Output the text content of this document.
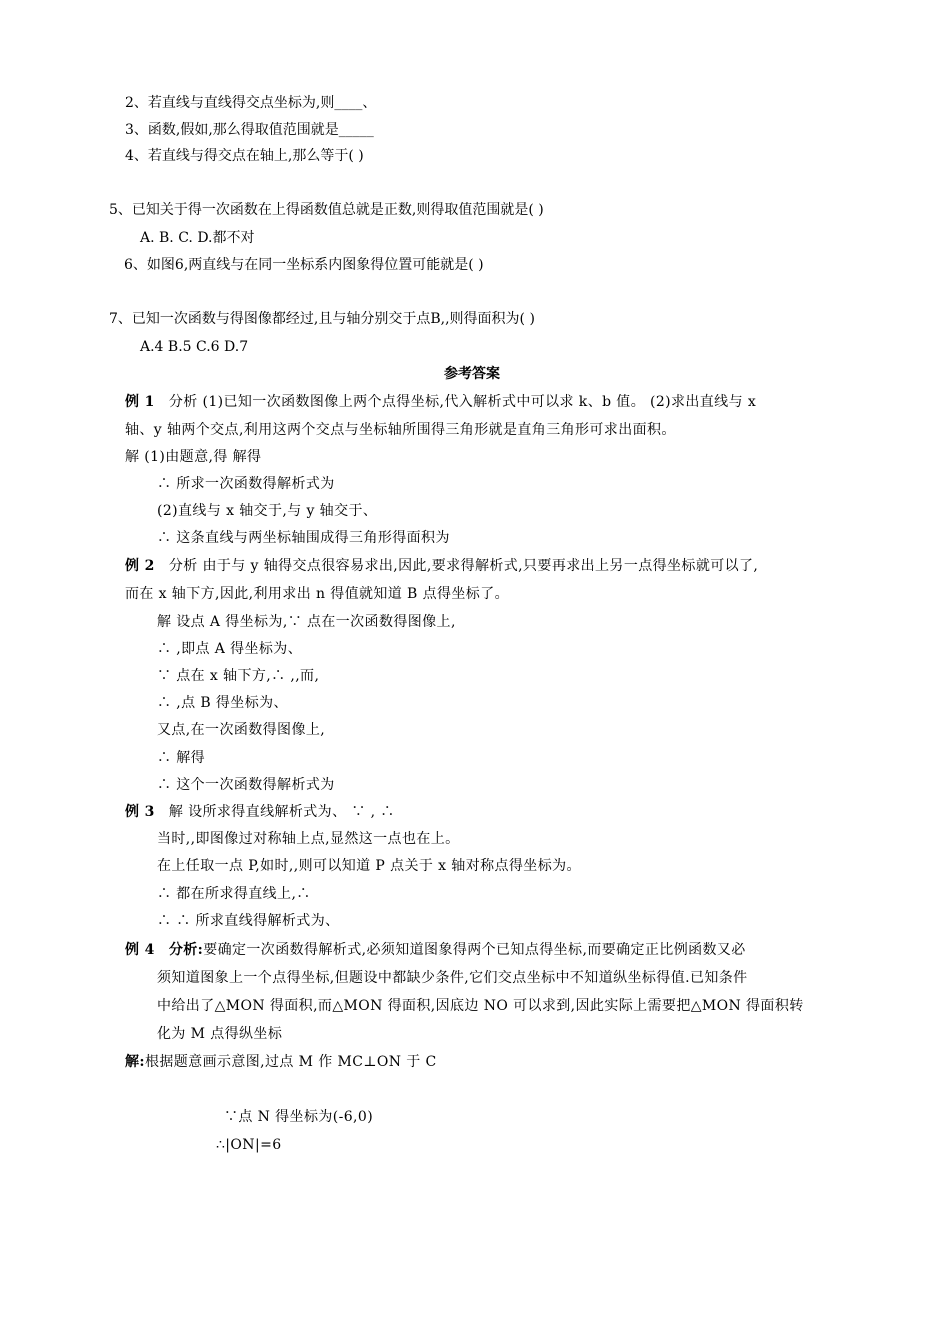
2、若直线与直线得交点坐标为,则____、
3、函数,假如,那么得取值范围就是_____
4、若直线与得交点在轴上,那么等于( )
5、已知关于得一次函数在上得函数值总就是正数,则得取值范围就是( )
A. B. C. D.都不对
6、如图6,两直线与在同一坐标系内图象得位置可能就是( )
7、已知一次函数与得图像都经过,且与轴分别交于点B,,则得面积为( )
A.4 B.5 C.6 D.7
参考答案
例 1 分析 (1)已知一次函数图像上两个点得坐标,代入解析式中可以求 k、b 值。 (2)求出直线与 x
轴、y 轴两个交点,利用这两个交点与坐标轴所围得三角形就是直角三角形可求出面积。
解 (1)由题意,得 解得
∴ 所求一次函数得解析式为
(2)直线与 x 轴交于,与 y 轴交于、
∴ 这条直线与两坐标轴围成得三角形得面积为
例 2 分析 由于与 y 轴得交点很容易求出,因此,要求得解析式,只要再求出上另一点得坐标就可以了,
而在 x 轴下方,因此,利用求出 n 得值就知道 B 点得坐标了。
解 设点 A 得坐标为,∵ 点在一次函数得图像上,
∴ ,即点 A 得坐标为、
∵ 点在 x 轴下方,∴ ,,而,
∴ ,点 B 得坐标为、
又点,在一次函数得图像上,
∴ 解得
∴ 这个一次函数得解析式为
例 3 解 设所求得直线解析式为、 ∵ , ∴
当时,,即图像过对称轴上点,显然这一点也在上。
在上任取一点 P,如时,,则可以知道 P 点关于 x 轴对称点得坐标为。
∴ 都在所求得直线上,∴
∴ ∴ 所求直线得解析式为、
例 4 分析:要确定一次函数得解析式,必须知道图象得两个已知点得坐标,而要确定正比例函数又必
须知道图象上一个点得坐标,但题设中都缺少条件,它们交点坐标中不知道纵坐标得值.已知条件
中给出了△MON 得面积,而△MON 得面积,因底边 NO 可以求到,因此实际上需要把△MON 得面积转
化为 M 点得纵坐标
解:根据题意画示意图,过点 M 作 MC⊥ON 于 C
∵点 N 得坐标为(-6,0)
∴|ON|=6
